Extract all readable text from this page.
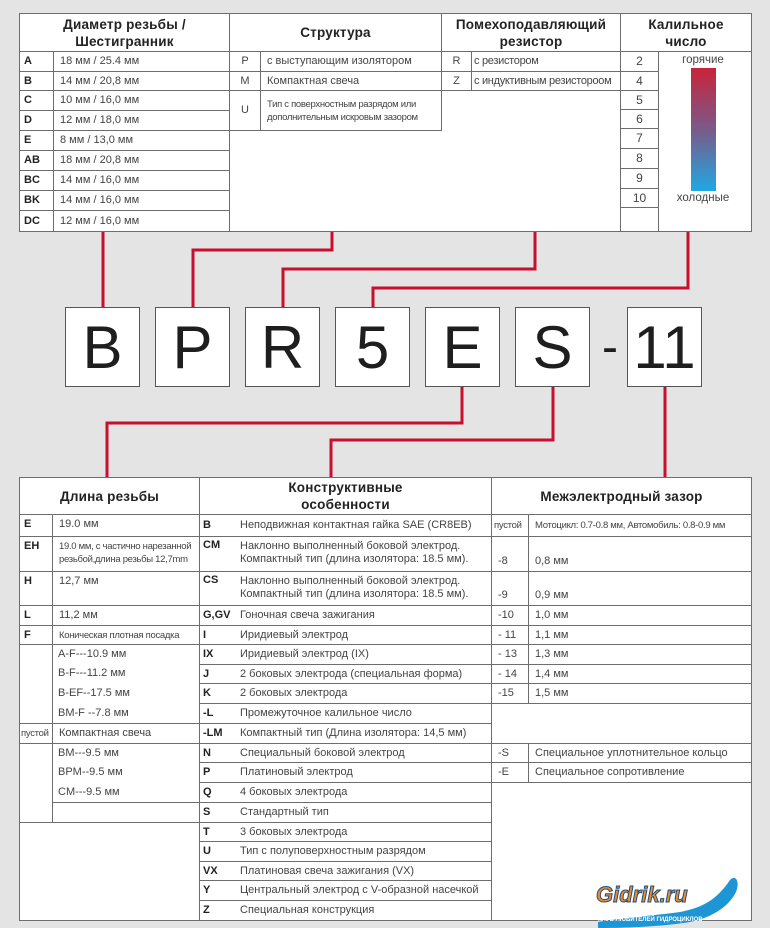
Диаметр резьбы /
Шестигранник
Структура
Помехоподавляющий
резистор
Калильное
число
A	18 мм / 25.4 мм
B	14 мм / 20,8 мм
C	10 мм / 16,0 мм
D	12 мм / 18,0 мм
E	8 мм / 13,0 мм
AB	18 мм / 20,8 мм
BC	14 мм / 16,0 мм
BK	14 мм / 16,0 мм
DC	12 мм / 16,0 мм
P	с выступающим изолятором
M	Компактная свеча
U	Тип с поверхностным разрядом или
дополнительным искровым зазором
2
4
5
6
7
8
9
10
R	с резистором
Z	с индуктивным резистороом
Длина резьбы
Конструктивные
особенности
Межэлектродный зазор
E	19.0 мм
EH	19.0 мм, с частично нарезанной
резьбой,длина резьбы 12,7mm
H	12,7 мм
L	11,2 мм
F	Коническая плотная посадка
A-F---10.9 мм
B-F---11.2 мм
B-EF--17.5 мм
BM-F --7.8 мм
пустой Компактная свеча
BM---9.5 мм
BPM--9.5 мм
CM---9.5 мм
B	Неподвижная контактная гайка SAE (CR8EB)
CM	Наклонно выполненный боковой электрод.
Компактный тип (длина изолятора: 18.5 мм).
CS	Наклонно выполненный боковой электрод.
Компактный тип (длина изолятора: 18.5 мм).
G,GV Гоночная свеча зажигания
I	Иридиевый электрод
IX	Иридиевый электрод (IX)
J	2 боковых электрода (специальная форма)
K	2 боковых электрода
-L	Промежуточное калильное число
-LM	Компактный тип (Длина изолятора: 14,5 мм)
N	Специальный боковой электрод
P	Платиновый электрод
Q	4 боковых электрода
S	Стандартный тип
T	3 боковых электрода
U	Тип с полуповерхностным разрядом
VX	Платиновая свеча зажигания (VX)
Y	Центральный электрод с V-образной насечкой
Z	Специальная конструкция
пустой	Мотоцикл: 0.7-0.8 мм, Автомобиль: 0.8-0.9 мм
-8	0,8 мм
-9	0,9 мм
-10	1,0 мм
- 11	1,1 мм
- 13	1,3 мм
- 14	1,4 мм
-15	1,5 мм
-S	Специальное уплотнительное кольцо
-E	Специальное сопротивление
горячие
холодные
B P R 5 E S - 11
Gidrik.ru
КЛУБ ЛЮБИТЕЛЕЙ ГИДРОЦИКЛОВ
